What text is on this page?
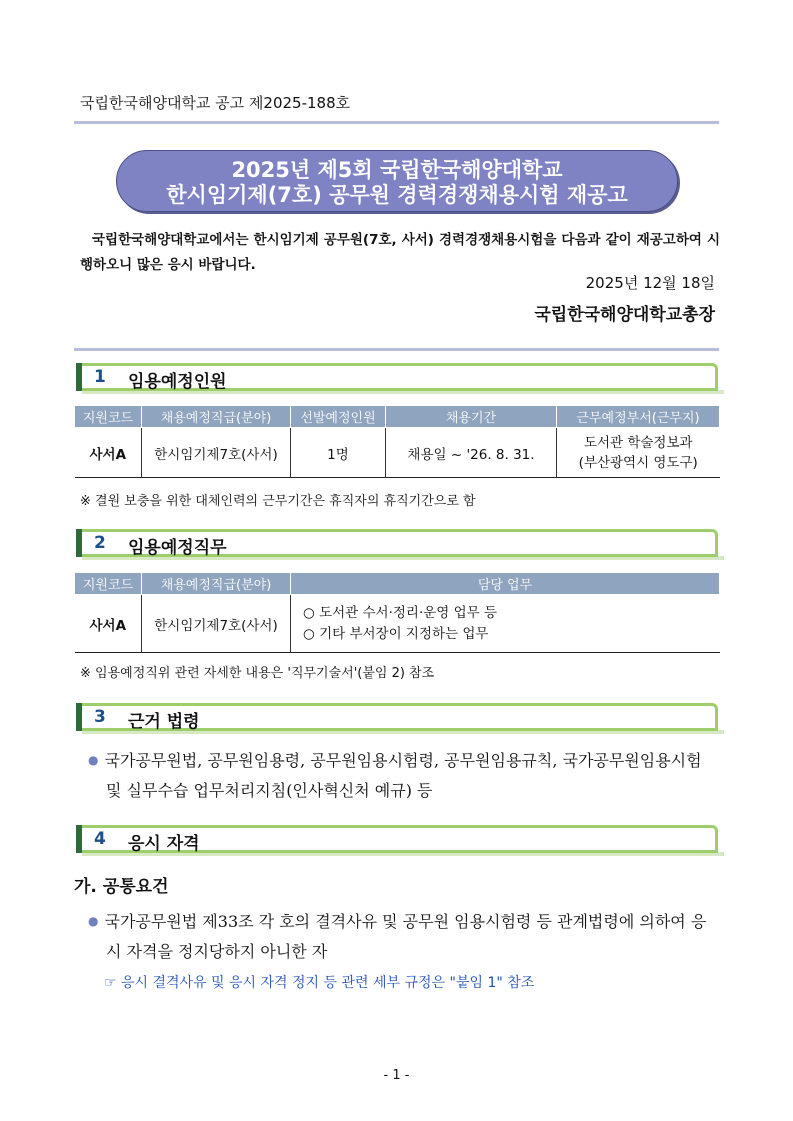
국립한국해양대학교 공고 제2025-188호
2025년 제5회 국립한국해양대학교
한시임기제(7호) 공무원 경력경쟁채용시험 재공고
국립한국해양대학교에서는 한시임기제 공무원(7호, 사서) 경력경쟁채용시험을 다음과 같이 재공고하여 시행하오니 많은 응시 바랍니다.
2025년 12월 18일
국립한국해양대학교총장
1	임용예정인원
지원코드	채용예정직급(분야)	선발예정인원	채용기간	근무예정부서(근무지)
사서A	한시임기제7호(사서)	1명	채용일 ~ '26. 8. 31.	도서관 학술정보과
(부산광역시 영도구)
※ 결원 보충을 위한 대체인력의 근무기간은 휴직자의 휴직기간으로 함
2	임용예정직무
지원코드	채용예정직급(분야)	담당 업무
사서A	한시임기제7호(사서)	○ 도서관 수서·정리·운영 업무 등
○ 기타 부서장이 지정하는 업무
※ 임용예정직위 관련 자세한 내용은 '직무기술서'(붙임 2) 참조
3	근거 법령
● 국가공무원법, 공무원임용령, 공무원임용시험령, 공무원임용규칙, 국가공무원임용시험 및 실무수습 업무처리지침(인사혁신처 예규) 등
4	응시 자격
가. 공통요건
● 국가공무원법 제33조 각 호의 결격사유 및 공무원 임용시험령 등 관계법령에 의하여 응시 자격을 정지당하지 아니한 자
☞ 응시 결격사유 및 응시 자격 정지 등 관련 세부 규정은 "붙임 1" 참조
- 1 -
